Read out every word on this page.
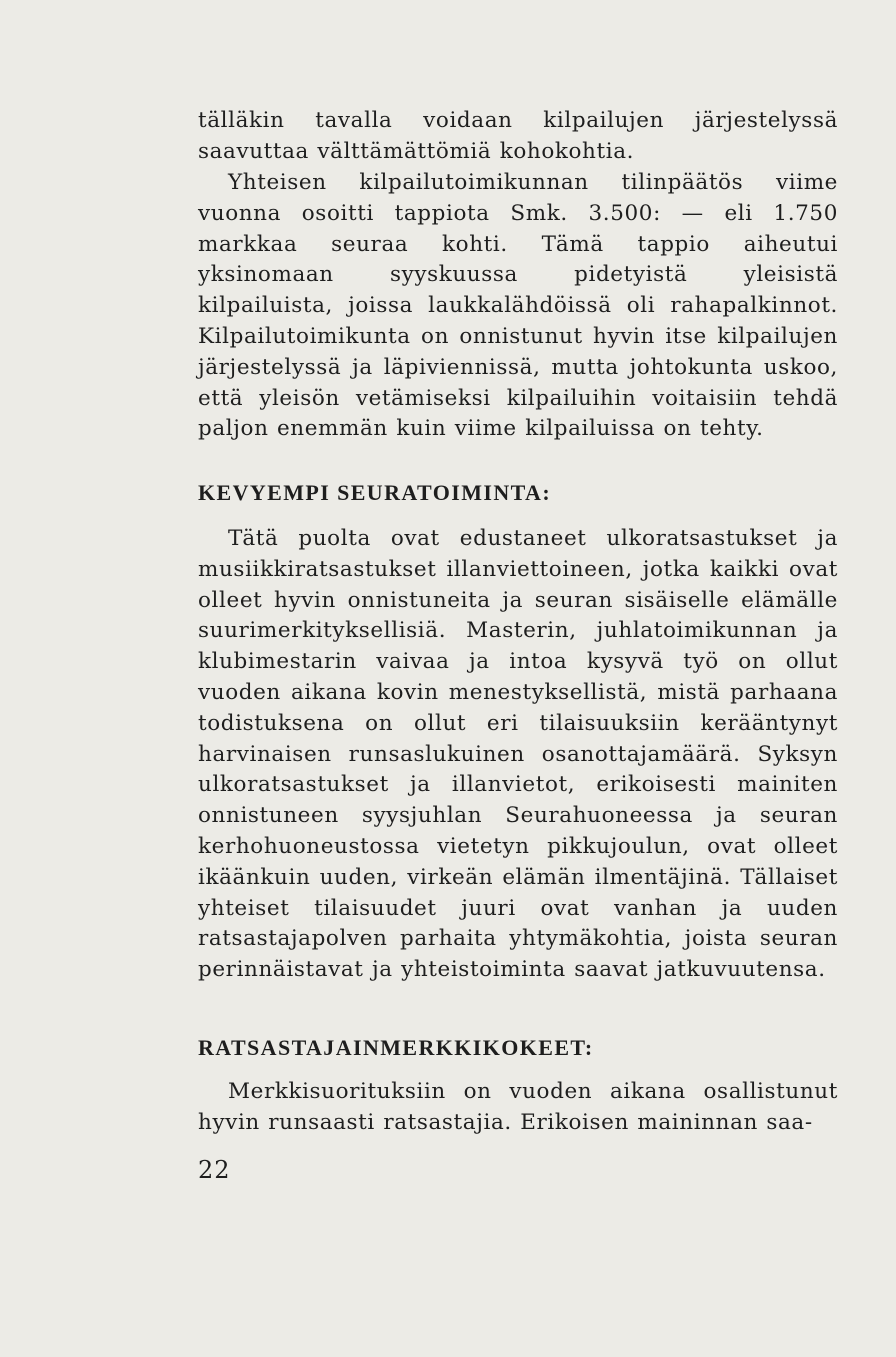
tälläkin tavalla voidaan kilpailujen järjestelyssä saavuttaa välttämättömiä kohokohtia.

Yhteisen kilpailutoimikunnan tilinpäätös viime vuonna osoitti tappiota Smk. 3.500: — eli 1.750 markkaa seuraa kohti. Tämä tappio aiheutui yksinomaan syyskuussa pidetyistä yleisistä kilpailuista, joissa laukkalähdöissä oli rahapalkinnot. Kilpailutoimikunta on onnistunut hyvin itse kilpailujen järjestelyssä ja läpiviennissä, mutta johtokunta uskoo, että yleisön vetämiseksi kilpailuihin voitaisiin tehdä paljon enemmän kuin viime kilpailuissa on tehty.

KEVYEMPI SEURATOIMINTA:

Tätä puolta ovat edustaneet ulkoratsastukset ja musiikkiratsastukset illanviettoineen, jotka kaikki ovat olleet hyvin onnistuneita ja seuran sisäiselle elämälle suurimerkityksellisiä. Masterin, juhlatoimikunnan ja klubimestarin vaivaa ja intoa kysyvä työ on ollut vuoden aikana kovin menestyksellistä, mistä parhaana todistuksena on ollut eri tilaisuuksiin kerääntynyt harvinaisen runsaslukuinen osanottajamäärä. Syksyn ulkoratsastukset ja illanvietot, erikoisesti mainiten onnistuneen syysjuhlan Seurahuoneessa ja seuran kerhohuoneustossa vietetyn pikkujoulun, ovat olleet ikäänkuin uuden, virkeän elämän ilmentäjinä. Tällaiset yhteiset tilaisuudet juuri ovat vanhan ja uuden ratsastajapolven parhaita yhtymäkohtia, joista seuran perinnäistavat ja yhteistoiminta saavat jatkuvuutensa.

RATSASTAJAINMERKKIKOKEET:

Merkkisuorituksiin on vuoden aikana osallistunut hyvin runsaasti ratsastajia. Erikoisen maininnan saa-

22
